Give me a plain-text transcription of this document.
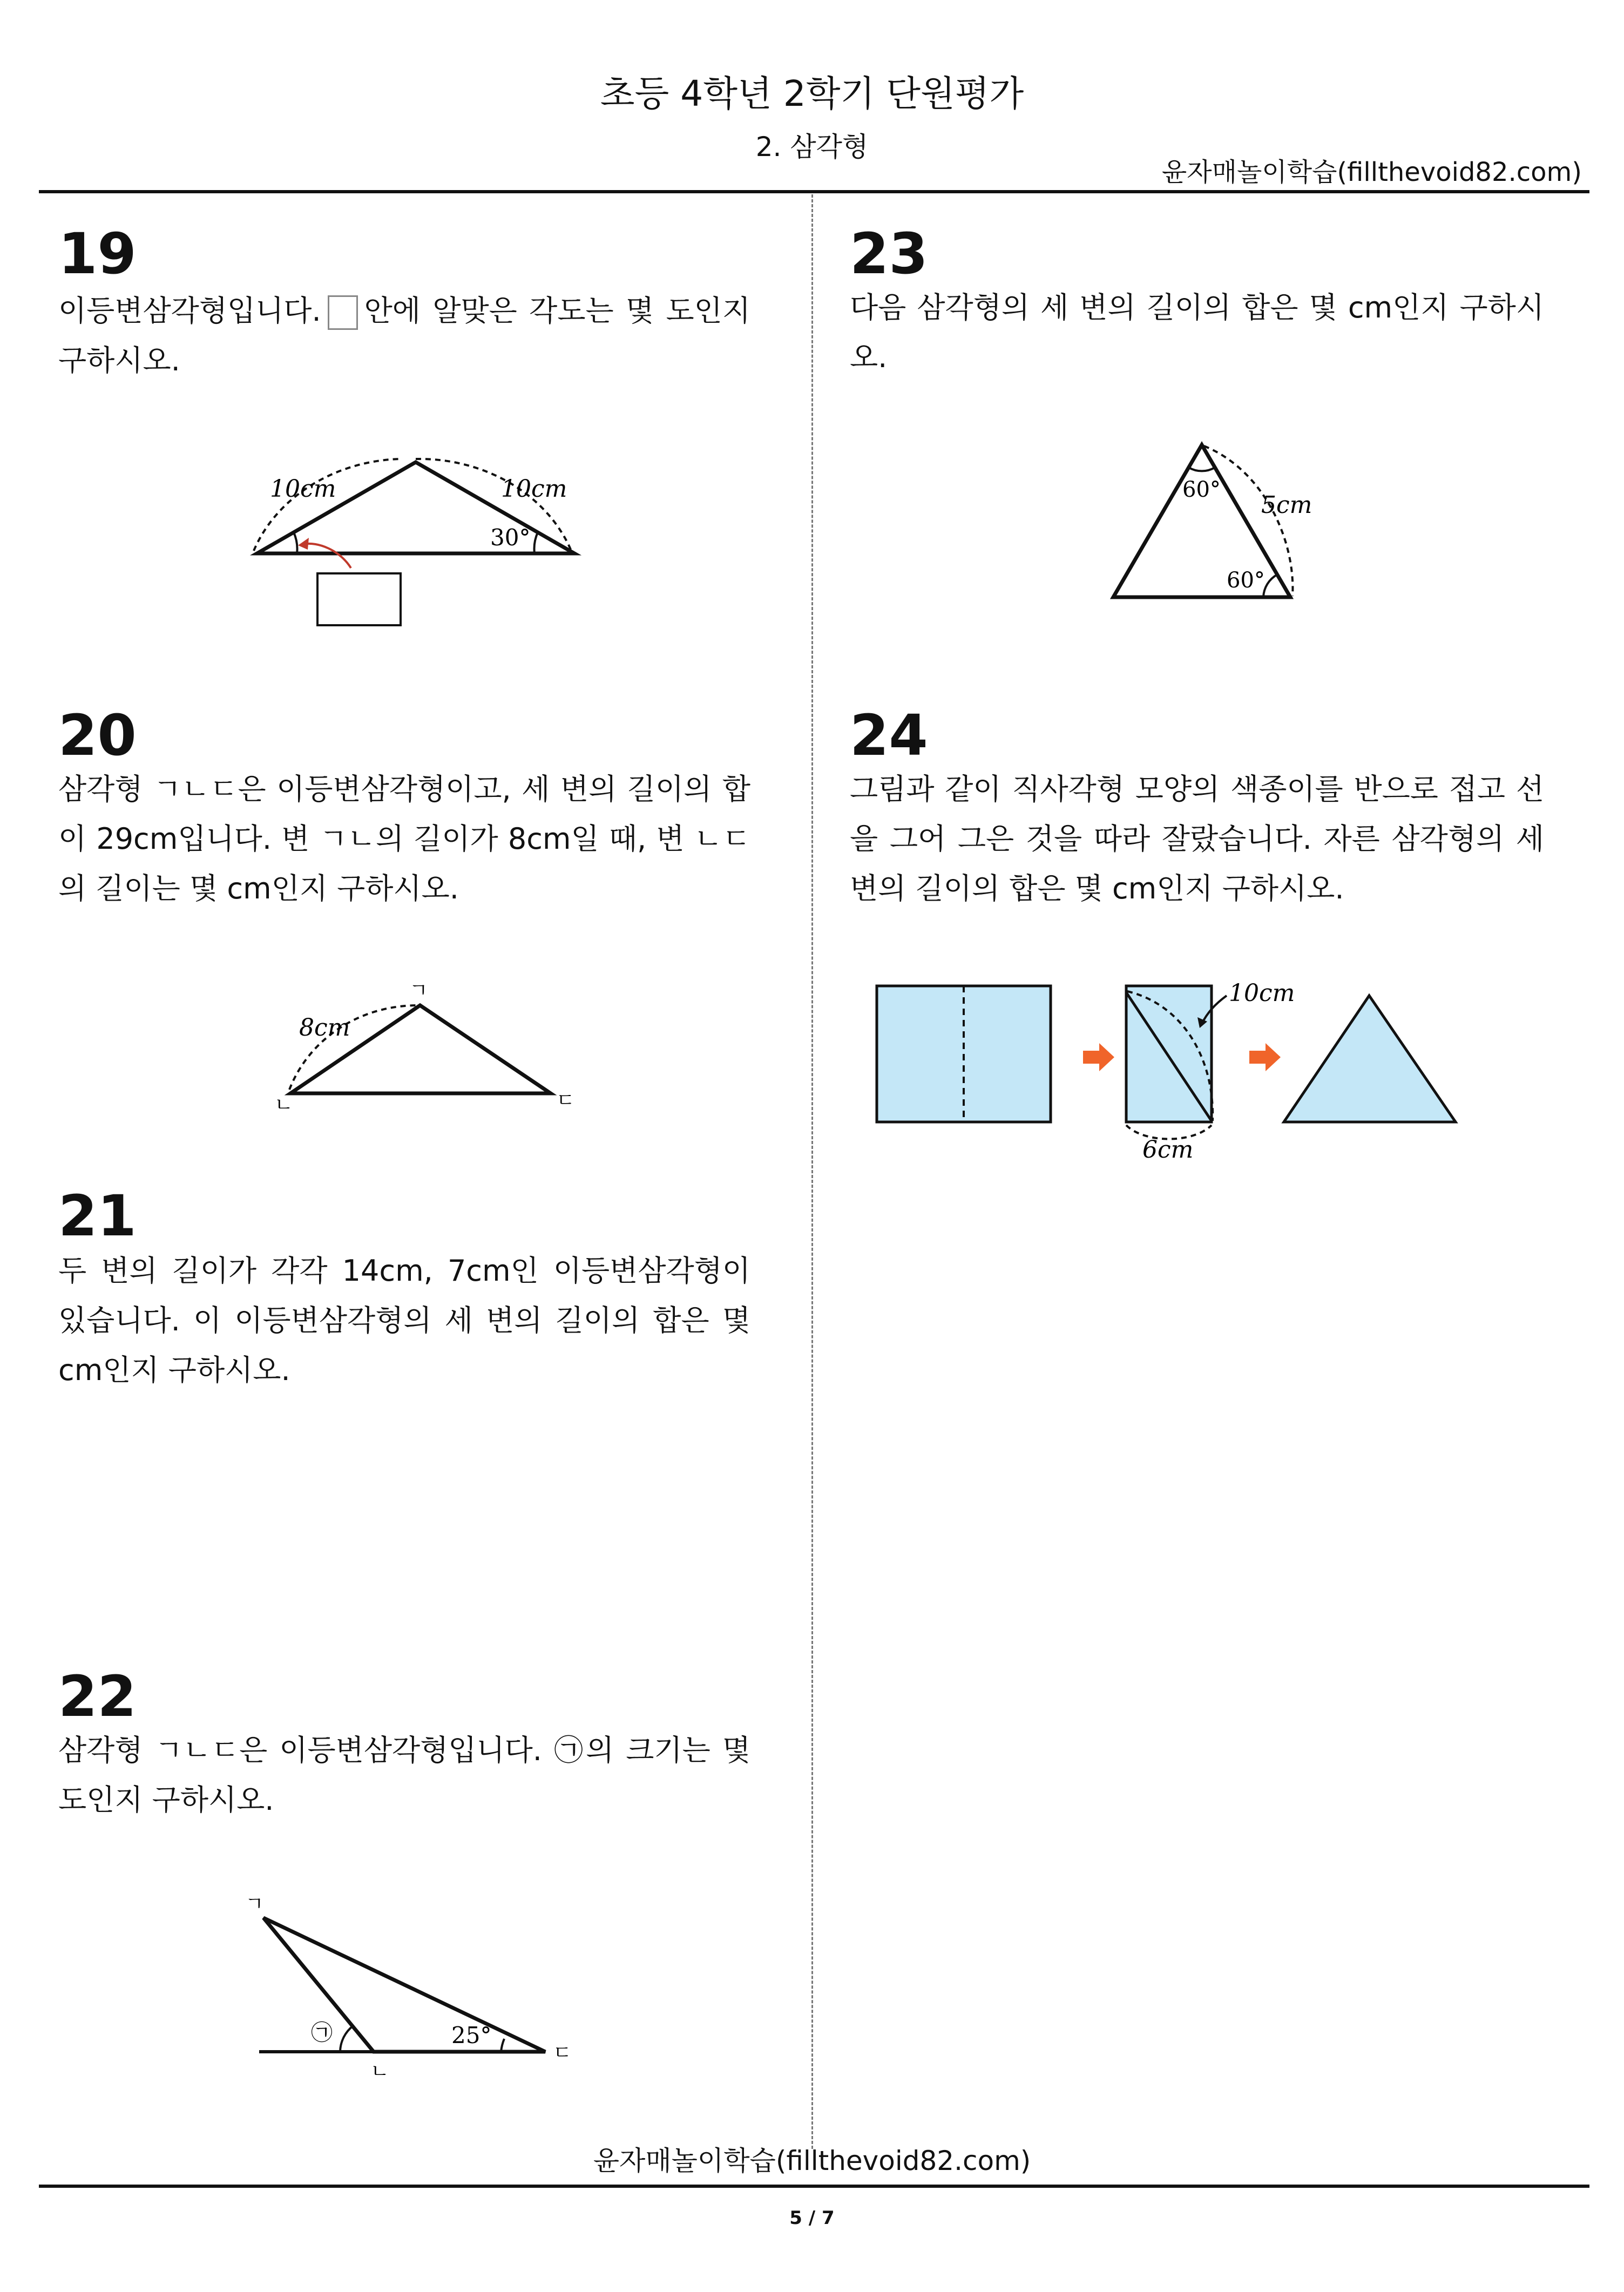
초등 4학년 2학기 단원평가
2. 삼각형
윤자매놀이학습(fillthevoid82.com)
19
이등변삼각형입니다. 안에 알맞은 각도는 몇 도인지 구하시오.
10cm	10cm
30°
20
삼각형 ㄱㄴㄷ은 이등변삼각형이고, 세 변의 길이의 합이 29cm입니다. 변 ㄱㄴ의 길이가 8cm일 때, 변 ㄴㄷ의 길이는 몇 cm인지 구하시오.
ㄱ
ㄴ	ㄷ
8cm
21
두 변의 길이가 각각 14cm, 7cm인 이등변삼각형이 있습니다. 이 이등변삼각형의 세 변의 길이의 합은 몇 cm인지 구하시오.
22
삼각형 ㄱㄴㄷ은 이등변삼각형입니다. ㉠의 크기는 몇 도인지 구하시오.
ㄱ
ㄴ
ㄷ
㉠	25°
23
다음 삼각형의 세 변의 길이의 합은 몇 cm인지 구하시오.
60°
60°
5cm
24
그림과 같이 직사각형 모양의 색종이를 반으로 접고 선을 그어 그은 것을 따라 잘랐습니다. 자른 삼각형의 세 변의 길이의 합은 몇 cm인지 구하시오.
10cm
6cm
윤자매놀이학습(fillthevoid82.com)
5 / 7
